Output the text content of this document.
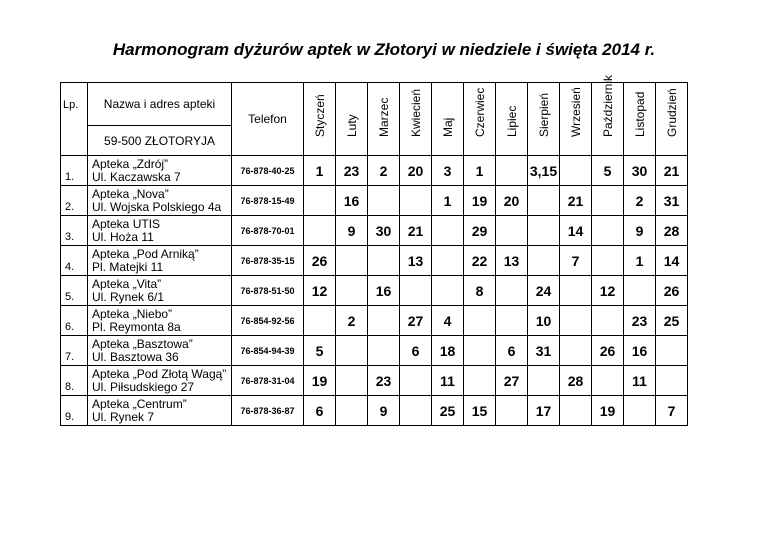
Harmonogram dyżurów aptek w Złotoryi w niedziele i święta 2014 r.
Lp.	Nazwa i adres apteki	Telefon	Styczeń	Luty	Marzec	Kwiecień	Maj	Czerwiec	Lipiec	Sierpień	Wrzesień	Październik	Listopad	Grudzień

	59-500 ZŁOTORYJA													
1.	Apteka „Zdrój”
Ul. Kaczawska 7	76-878-40-25	1	23	2	20	3	1		3,15		5	30	21
2.	Apteka „Nova”
Ul. Wojska Polskiego 4a	76-878-15-49		16			1	19	20		21		2	31
3.	Apteka UTIS
Ul. Hoża 11	76-878-70-01		9	30	21		29			14		9	28
4.	Apteka „Pod Arniką”
Pl. Matejki 11	76-878-35-15	26			13		22	13		7		1	14
5.	Apteka „Vita”
Ul. Rynek 6/1	76-878-51-50	12		16			8		24		12		26
6.	Apteka „Niebo”
Pl. Reymonta 8a	76-854-92-56		2		27	4			10			23	25
7.	Apteka „Basztowa”
Ul. Basztowa 36	76-854-94-39	5			6	18		6	31		26	16	
8.	Apteka „Pod Złotą Wagą”
Ul. Piłsudskiego 27	76-878-31-04	19		23		11		27		28		11	
9.	Apteka „Centrum”
Ul. Rynek 7	76-878-36-87	6		9		25	15		17		19		7
